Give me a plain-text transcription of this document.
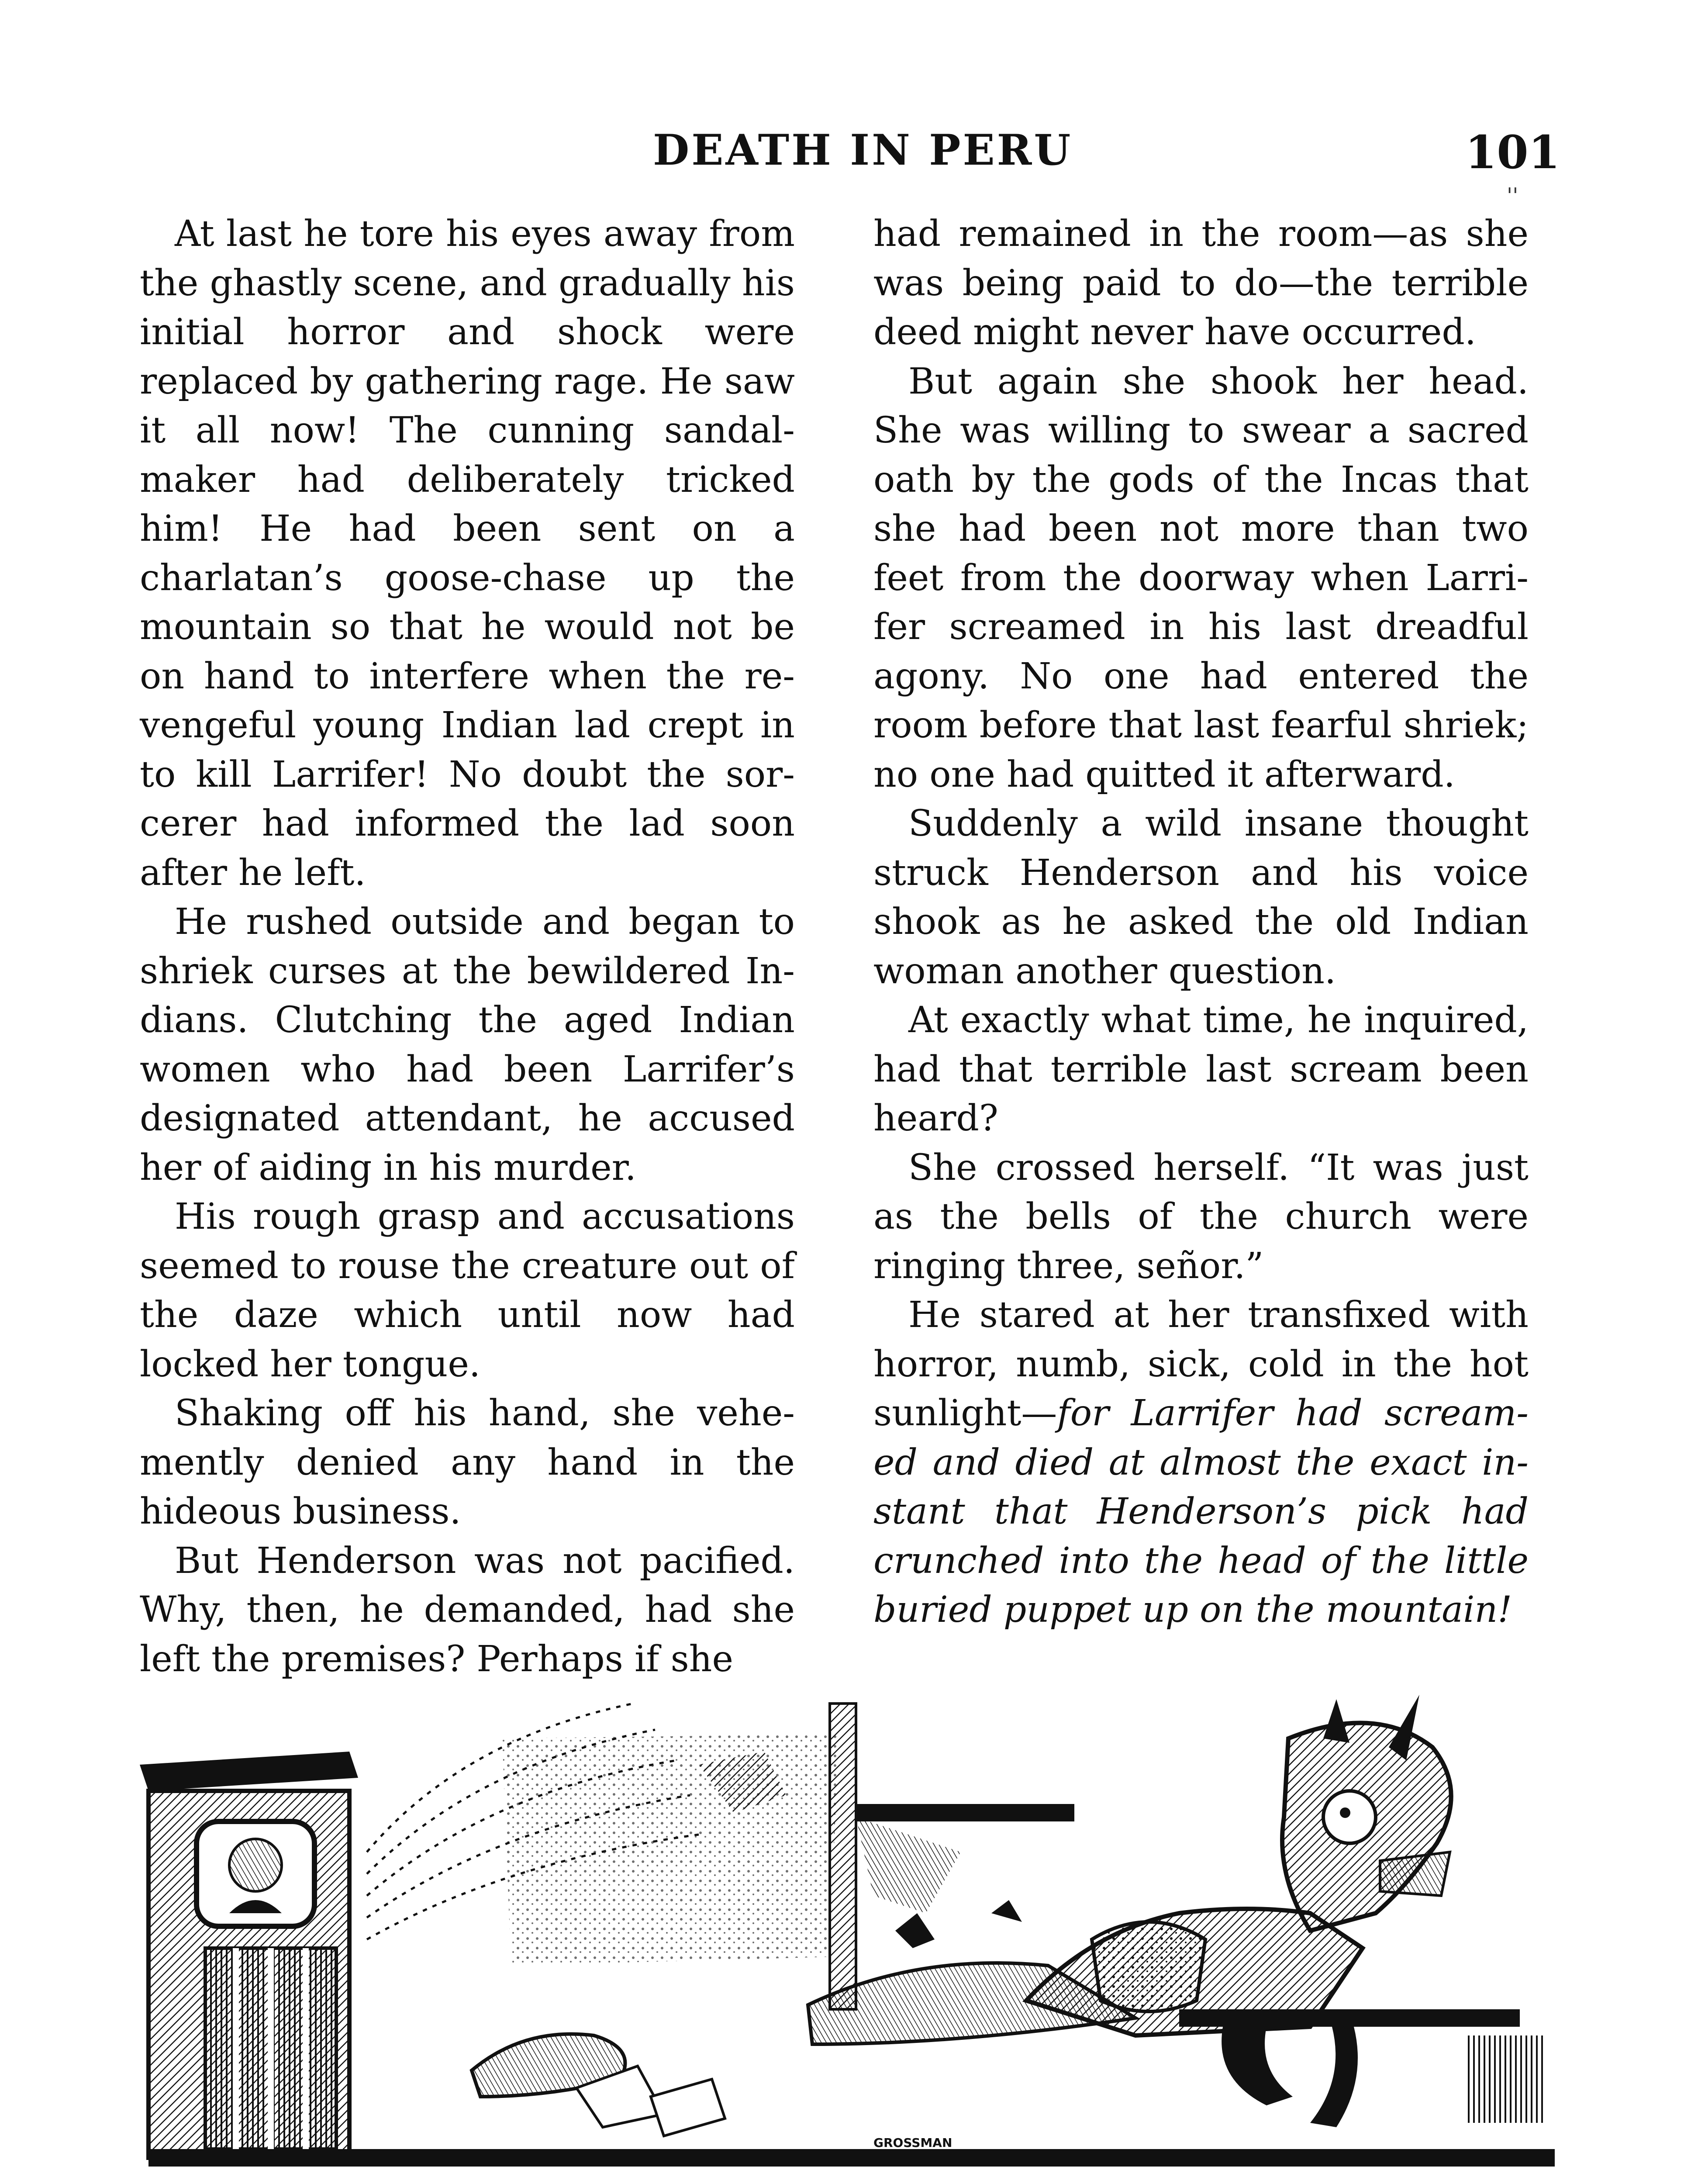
DEATH IN PERU	101
''

At last he tore his eyes away from the ghastly scene, and gradually his initial horror and shock were replaced by gathering rage. He saw it all now! The cunning sandal-maker had deliberately tricked him! He had been sent on a charlatan’s goose-chase up the mountain so that he would not be on hand to interfere when the revengeful young Indian lad crept in to kill Larrifer! No doubt the sorcerer had informed the lad soon after he left.

He rushed outside and began to shriek curses at the bewildered Indians. Clutching the aged Indian women who had been Larrifer’s designated attendant, he accused her of aiding in his murder.

His rough grasp and accusations seemed to rouse the creature out of the daze which until now had locked her tongue.

Shaking off his hand, she vehemently denied any hand in the hideous business.

But Henderson was not pacified. Why, then, he demanded, had she left the premises? Perhaps if she

had remained in the room—as she was being paid to do—the terrible deed might never have occurred.

But again she shook her head. She was willing to swear a sacred oath by the gods of the Incas that she had been not more than two feet from the doorway when Larrifer screamed in his last dreadful agony. No one had entered the room before that last fearful shriek; no one had quitted it afterward.

Suddenly a wild insane thought struck Henderson and his voice shook as he asked the old Indian woman another question.

At exactly what time, he inquired, had that terrible last scream been heard?

She crossed herself. “It was just as the bells of the church were ringing three, señor.”

He stared at her transfixed with horror, numb, sick, cold in the hot sunlight—for Larrifer had screamed and died at almost the exact instant that Henderson’s pick had crunched into the head of the little buried puppet up on the mountain!

GROSSMAN
